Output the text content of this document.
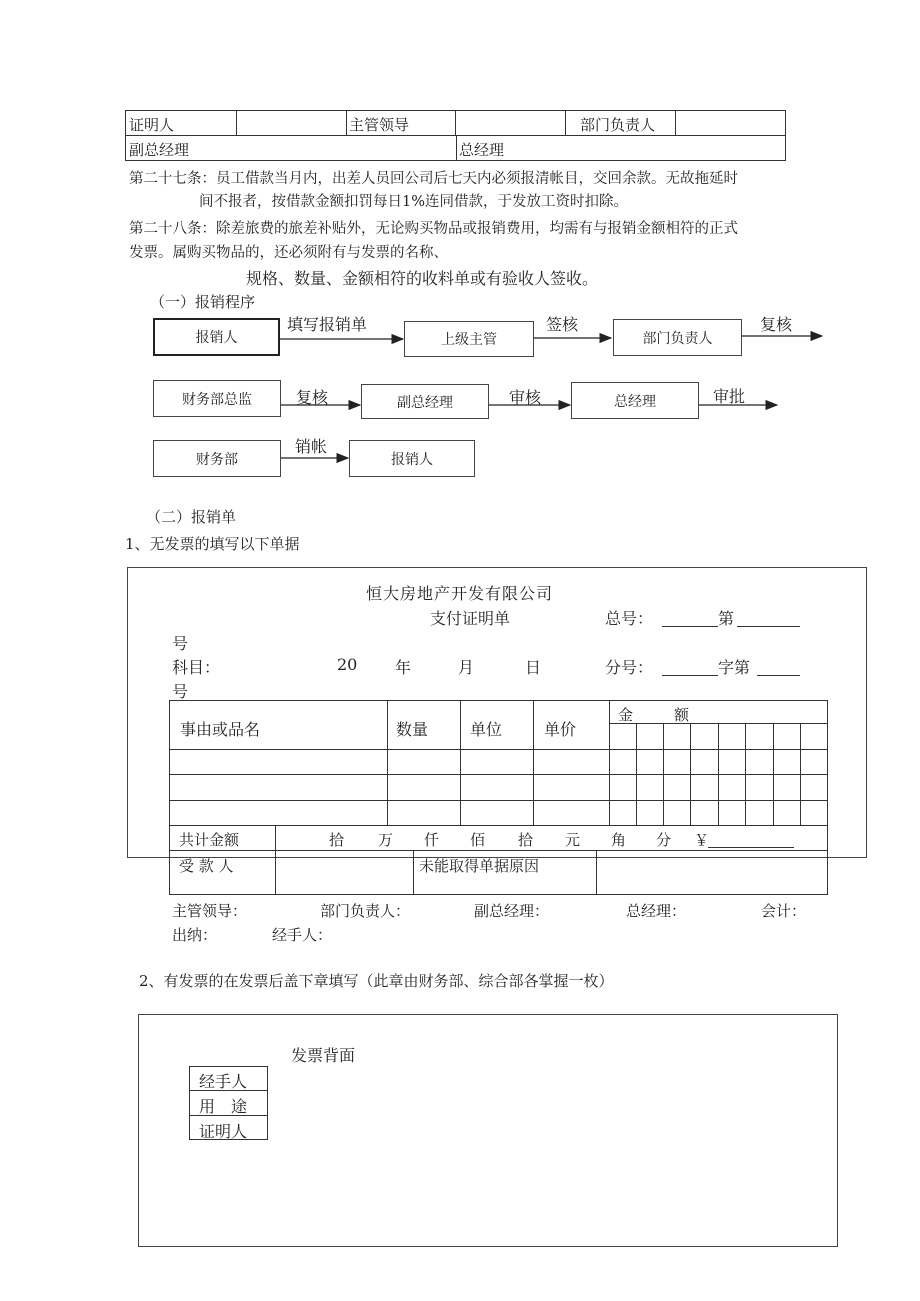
证明人	主管领导	部门负责人
副总经理	总经理
第二十七条：员工借款当月内，出差人员回公司后七天内必须报清帐目，交回余款。无故拖延时
间不报者，按借款金额扣罚每日1%连同借款，于发放工资时扣除。
第二十八条：除差旅费的旅差补贴外，无论购买物品或报销费用，均需有与报销金额相符的正式
发票。属购买物品的，还必须附有与发票的名称、
规格、数量、金额相符的收料单或有验收人签收。
（一）报销程序
报销人	上级主管	部门负责人
财务部总监	副总经理	总经理
财务部	报销人
填写报销单	签核	复核
复核	审核	审批
销帐
（二）报销单
1、无发票的填写以下单据
恒大房地产开发有限公司
支付证明单	总号：	第
号
科目：	20 年	月	日	分号：	字第
号
事由或品名	数量	单位	单价
金	额
共计金额	拾 万 仟 佰 拾 元 角 分 ￥
受 款 人	未能取得单据原因
主管领导：	部门负责人：	副总经理：	总经理：	会计：
出纳：	经手人：
2、有发票的在发票后盖下章填写（此章由财务部、综合部各掌握一枚）
发票背面
经手人
用　途
证明人
